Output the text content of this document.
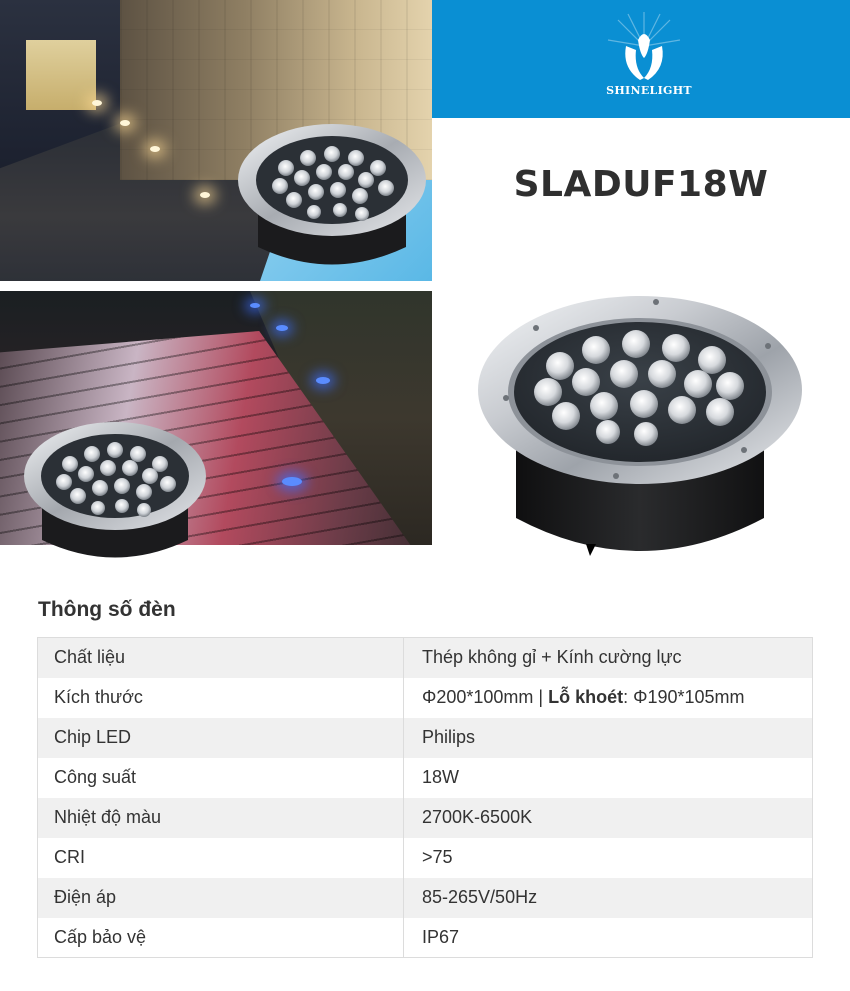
SHINELIGHT
SLADUF18W
Thông số đèn
Chất liệu	Thép không gỉ + Kính cường lực
Kích thước	Φ200*100mm | Lỗ khoét: Φ190*105mm
Chip LED	Philips
Công suất	18W
Nhiệt độ màu	2700K-6500K
CRI	>75
Điện áp	85-265V/50Hz
Cấp bảo vệ	IP67
